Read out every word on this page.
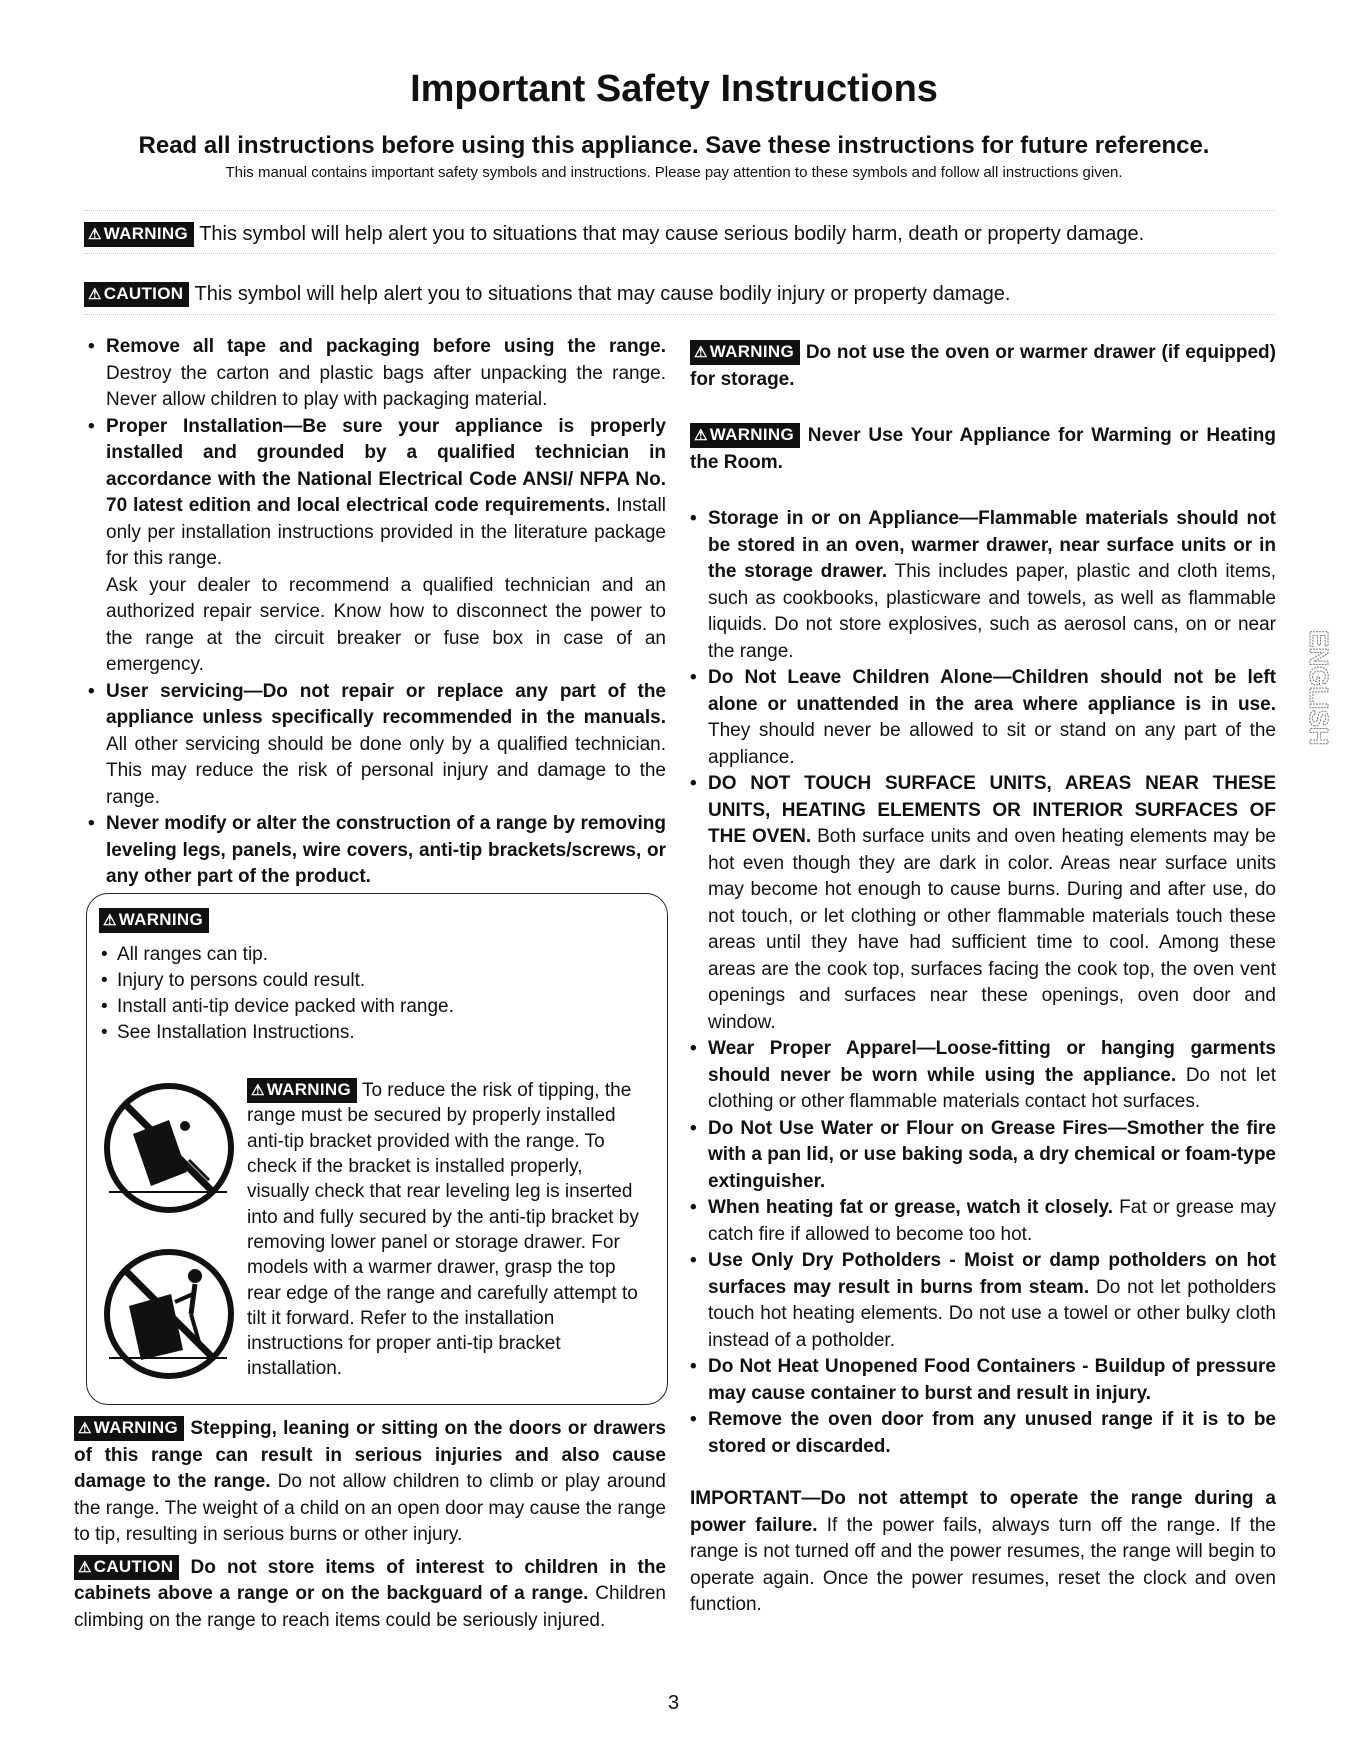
Important Safety Instructions
Read all instructions before using this appliance. Save these instructions for future reference.
This manual contains important safety symbols and instructions. Please pay attention to these symbols and follow all instructions given.
⚠ WARNING This symbol will help alert you to situations that may cause serious bodily harm, death or property damage.
⚠ CAUTION This symbol will help alert you to situations that may cause bodily injury or property damage.

• Remove all tape and packaging before using the range. Destroy the carton and plastic bags after unpacking the range. Never allow children to play with packaging material.

• Proper Installation—Be sure your appliance is properly installed and grounded by a qualified technician in accordance with the National Electrical Code ANSI/ NFPA No. 70 latest edition and local electrical code requirements. Install only per installation instructions provided in the literature package for this range.

Ask your dealer to recommend a qualified technician and an authorized repair service. Know how to disconnect the power to the range at the circuit breaker or fuse box in case of an emergency.

• User servicing—Do not repair or replace any part of the appliance unless specifically recommended in the manuals. All other servicing should be done only by a qualified technician. This may reduce the risk of personal injury and damage to the range.

• Never modify or alter the construction of a range by removing leveling legs, panels, wire covers, anti-tip brackets/screws, or any other part of the product.

⚠ WARNING
• All ranges can tip.
• Injury to persons could result.
• Install anti-tip device packed with range.
• See Installation Instructions.
⚠ WARNING To reduce the risk of tipping, the range must be secured by properly installed anti-tip bracket provided with the range. To check if the bracket is installed properly, visually check that rear leveling leg is inserted into and fully secured by the anti-tip bracket by removing lower panel or storage drawer. For models with a warmer drawer, grasp the top rear edge of the range and carefully attempt to tilt it forward. Refer to the installation instructions for proper anti-tip bracket installation.

⚠ WARNING Stepping, leaning or sitting on the doors or drawers of this range can result in serious injuries and also cause damage to the range. Do not allow children to climb or play around the range. The weight of a child on an open door may cause the range to tip, resulting in serious burns or other injury.

⚠ CAUTION Do not store items of interest to children in the cabinets above a range or on the backguard of a range. Children climbing on the range to reach items could be seriously injured.

⚠ WARNING Do not use the oven or warmer drawer (if equipped) for storage.

⚠ WARNING Never Use Your Appliance for Warming or Heating the Room.

• Storage in or on Appliance—Flammable materials should not be stored in an oven, warmer drawer, near surface units or in the storage drawer. This includes paper, plastic and cloth items, such as cookbooks, plasticware and towels, as well as flammable liquids. Do not store explosives, such as aerosol cans, on or near the range.

• Do Not Leave Children Alone—Children should not be left alone or unattended in the area where appliance is in use. They should never be allowed to sit or stand on any part of the appliance.

• DO NOT TOUCH SURFACE UNITS, AREAS NEAR THESE UNITS, HEATING ELEMENTS OR INTERIOR SURFACES OF THE OVEN. Both surface units and oven heating elements may be hot even though they are dark in color. Areas near surface units may become hot enough to cause burns. During and after use, do not touch, or let clothing or other flammable materials touch these areas until they have had sufficient time to cool. Among these areas are the cook top, surfaces facing the cook top, the oven vent openings and surfaces near these openings, oven door and window.

• Wear Proper Apparel—Loose-fitting or hanging garments should never be worn while using the appliance. Do not let clothing or other flammable materials contact hot surfaces.

• Do Not Use Water or Flour on Grease Fires—Smother the fire with a pan lid, or use baking soda, a dry chemical or foam-type extinguisher.

• When heating fat or grease, watch it closely. Fat or grease may catch fire if allowed to become too hot.

• Use Only Dry Potholders - Moist or damp potholders on hot surfaces may result in burns from steam. Do not let potholders touch hot heating elements. Do not use a towel or other bulky cloth instead of a potholder.

• Do Not Heat Unopened Food Containers - Buildup of pressure may cause container to burst and result in injury.

• Remove the oven door from any unused range if it is to be stored or discarded.

IMPORTANT—Do not attempt to operate the range during a power failure. If the power fails, always turn off the range. If the range is not turned off and the power resumes, the range will begin to operate again. Once the power resumes, reset the clock and oven function.

ENGLISH
3
